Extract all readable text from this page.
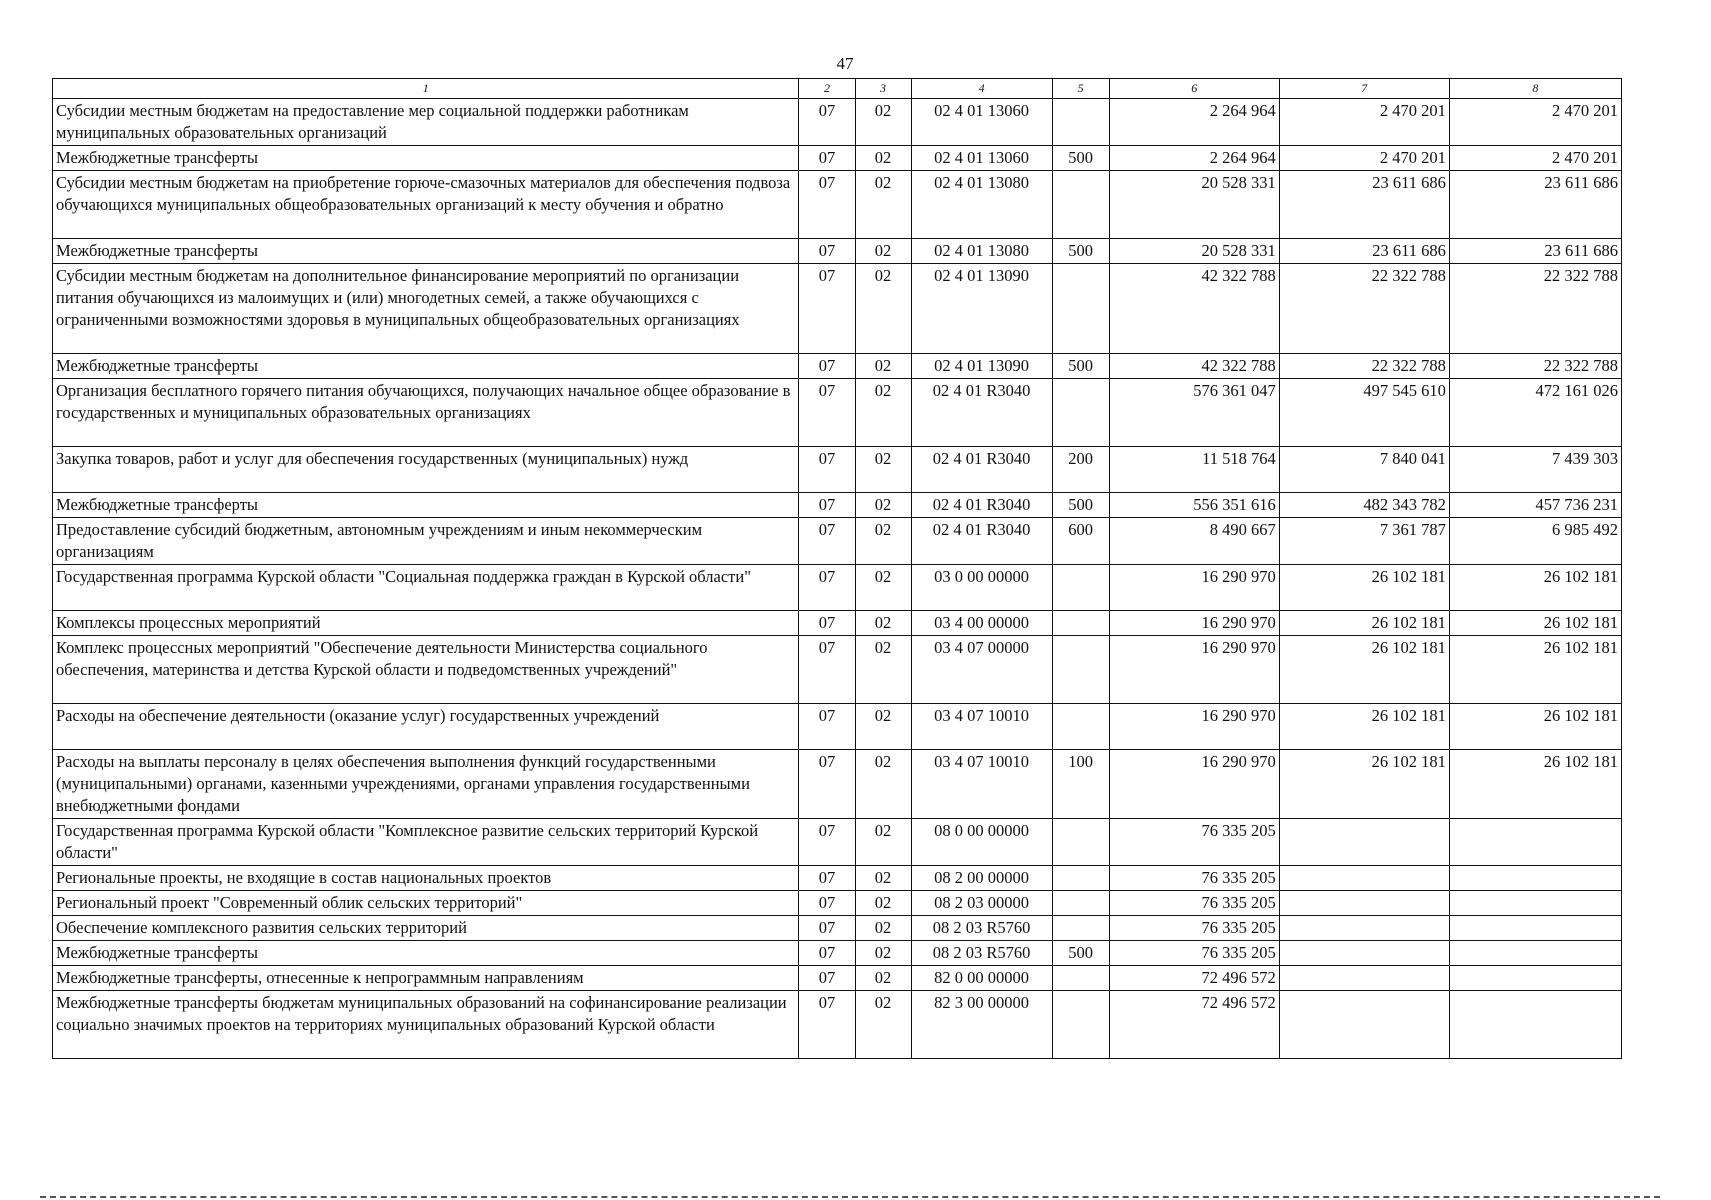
47
1	2	3	4	5	6	7	8
Субсидии местным бюджетам на предоставление мер социальной поддержки работникам муниципальных образовательных организаций	07	02	02 4 01 13060		2 264 964	2 470 201	2 470 201
Межбюджетные трансферты	07	02	02 4 01 13060	500	2 264 964	2 470 201	2 470 201
Субсидии местным бюджетам на приобретение горюче-смазочных материалов для обеспечения подвоза обучающихся муниципальных общеобразовательных организаций к месту обучения и обратно	07	02	02 4 01 13080		20 528 331	23 611 686	23 611 686
Межбюджетные трансферты	07	02	02 4 01 13080	500	20 528 331	23 611 686	23 611 686
Субсидии местным бюджетам на дополнительное финансирование мероприятий по организации питания обучающихся из малоимущих и (или) многодетных семей, а также обучающихся с ограниченными возможностями здоровья в муниципальных общеобразовательных организациях	07	02	02 4 01 13090		42 322 788	22 322 788	22 322 788
Межбюджетные трансферты	07	02	02 4 01 13090	500	42 322 788	22 322 788	22 322 788
Организация бесплатного горячего питания обучающихся, получающих начальное общее образование в государственных и муниципальных образовательных организациях	07	02	02 4 01 R3040		576 361 047	497 545 610	472 161 026
Закупка товаров, работ и услуг для обеспечения государственных (муниципальных) нужд	07	02	02 4 01 R3040	200	11 518 764	7 840 041	7 439 303
Межбюджетные трансферты	07	02	02 4 01 R3040	500	556 351 616	482 343 782	457 736 231
Предоставление субсидий бюджетным, автономным учреждениям и иным некоммерческим организациям	07	02	02 4 01 R3040	600	8 490 667	7 361 787	6 985 492
Государственная программа Курской области "Социальная поддержка граждан в Курской области"	07	02	03 0 00 00000		16 290 970	26 102 181	26 102 181
Комплексы процессных мероприятий	07	02	03 4 00 00000		16 290 970	26 102 181	26 102 181
Комплекс процессных мероприятий "Обеспечение деятельности Министерства социального обеспечения, материнства и детства Курской области и подведомственных учреждений"	07	02	03 4 07 00000		16 290 970	26 102 181	26 102 181
Расходы на обеспечение деятельности (оказание услуг) государственных учреждений	07	02	03 4 07 10010		16 290 970	26 102 181	26 102 181
Расходы на выплаты персоналу в целях обеспечения выполнения функций государственными (муниципальными) органами, казенными учреждениями, органами управления государственными внебюджетными фондами	07	02	03 4 07 10010	100	16 290 970	26 102 181	26 102 181
Государственная программа Курской области "Комплексное развитие сельских территорий Курской области"	07	02	08 0 00 00000		76 335 205		
Региональные проекты, не входящие в состав национальных проектов	07	02	08 2 00 00000		76 335 205		
Региональный проект "Современный облик сельских территорий"	07	02	08 2 03 00000		76 335 205		
Обеспечение комплексного развития сельских территорий	07	02	08 2 03 R5760		76 335 205		
Межбюджетные трансферты	07	02	08 2 03 R5760	500	76 335 205		
Межбюджетные трансферты, отнесенные к непрограммным направлениям	07	02	82 0 00 00000		72 496 572		
Межбюджетные трансферты бюджетам муниципальных образований на софинансирование реализации социально значимых проектов на территориях муниципальных образований Курской области	07	02	82 3 00 00000		72 496 572		
